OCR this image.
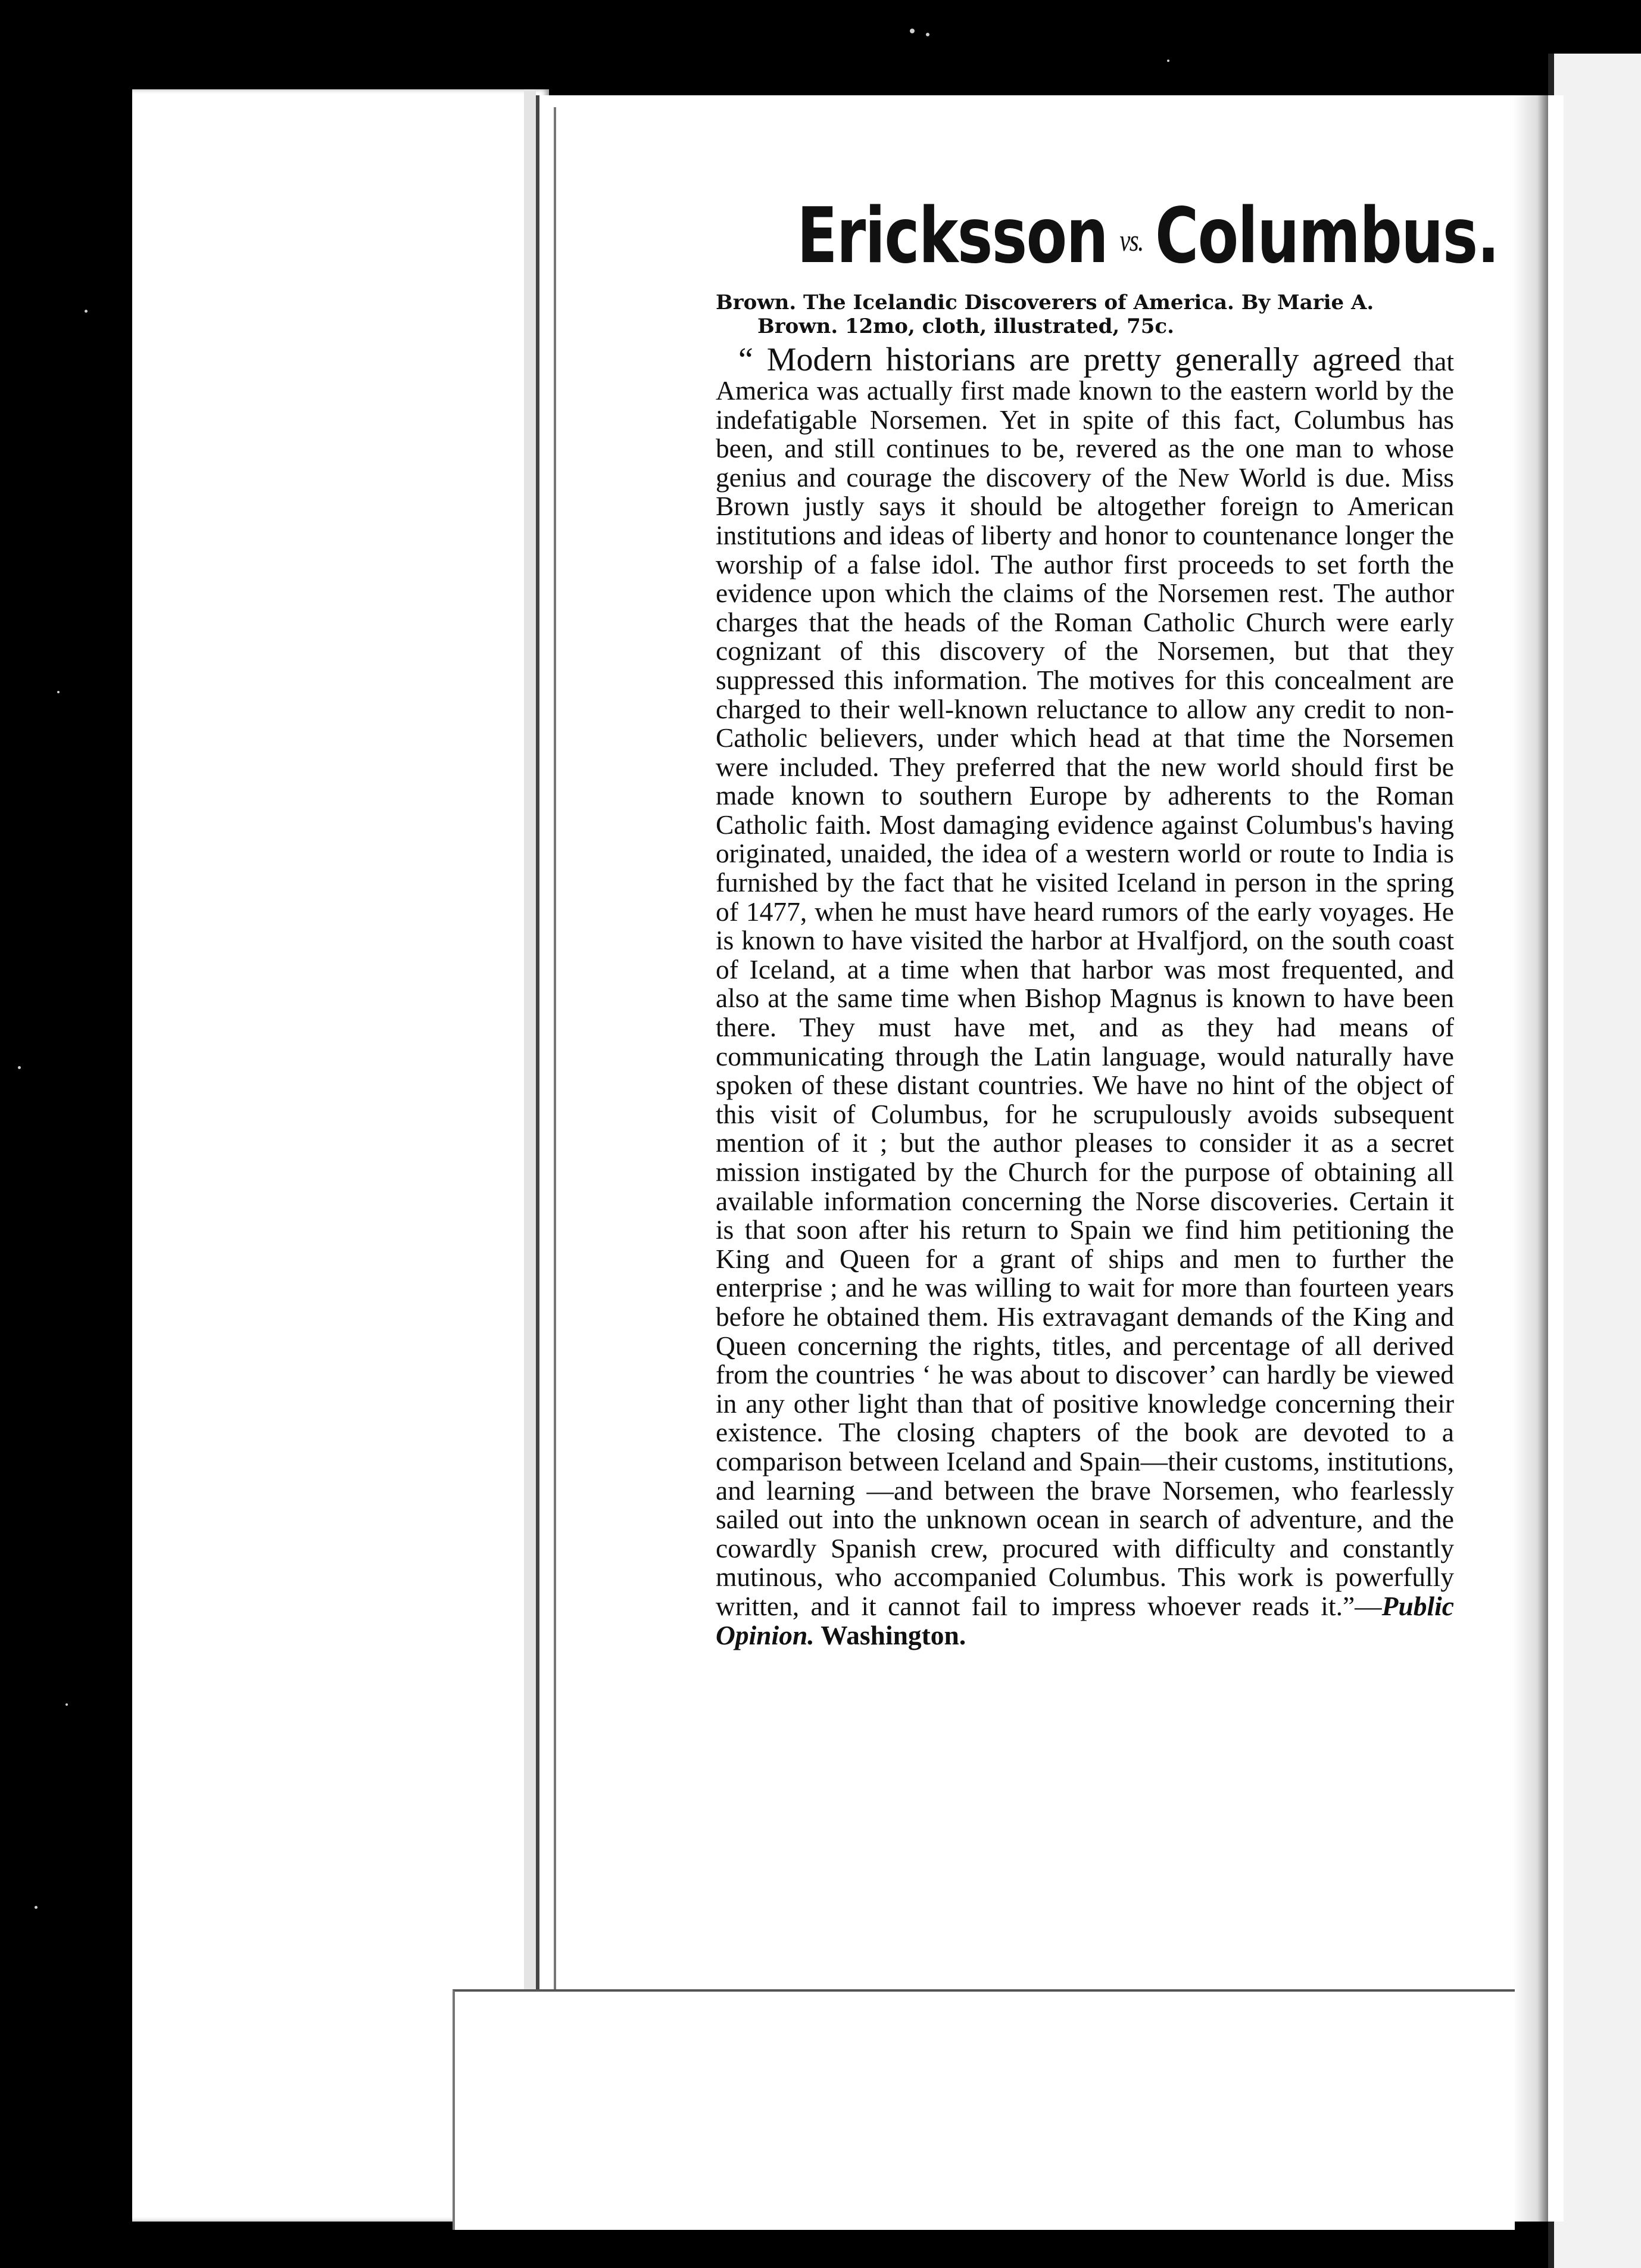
Ericksson vs. Columbus.

Brown. The Icelandic Discoverers of America. By Marie A. Brown. 12mo, cloth, illustrated, 75c.

“ Modern historians are pretty generally agreed that America was actually first made known to the eastern world by the indefatigable Norsemen. Yet in spite of this fact, Columbus has been, and still continues to be, revered as the one man to whose genius and courage the discovery of the New World is due. Miss Brown justly says it should be altogether foreign to American institutions and ideas of liberty and honor to countenance longer the worship of a false idol. The author first proceeds to set forth the evidence upon which the claims of the Norsemen rest. The author charges that the heads of the Roman Catholic Church were early cognizant of this discovery of the Norsemen, but that they suppressed this information. The motives for this concealment are charged to their well-known reluctance to allow any credit to non-Catholic believers, under which head at that time the Norsemen were included. They preferred that the new world should first be made known to southern Europe by adherents to the Roman Catholic faith. Most damaging evidence against Columbus's having originated, unaided, the idea of a western world or route to India is furnished by the fact that he visited Iceland in person in the spring of 1477, when he must have heard rumors of the early voyages. He is known to have visited the harbor at Hvalfjord, on the south coast of Iceland, at a time when that harbor was most frequented, and also at the same time when Bishop Magnus is known to have been there. They must have met, and as they had means of communicating through the Latin language, would naturally have spoken of these distant countries. We have no hint of the object of this visit of Columbus, for he scrupulously avoids subsequent mention of it ; but the author pleases to consider it as a secret mission instigated by the Church for the purpose of obtaining all available information concerning the Norse discoveries. Certain it is that soon after his return to Spain we find him petitioning the King and Queen for a grant of ships and men to further the enterprise ; and he was willing to wait for more than fourteen years before he obtained them. His extravagant demands of the King and Queen concerning the rights, titles, and percentage of all derived from the countries ‘ he was about to discover’ can hardly be viewed in any other light than that of positive knowledge concerning their existence. The closing chapters of the book are devoted to a comparison between Iceland and Spain—their customs, institutions, and learning —and between the brave Norsemen, who fearlessly sailed out into the unknown ocean in search of adventure, and the cowardly Spanish crew, procured with difficulty and constantly mutinous, who accompanied Columbus. This work is powerfully written, and it cannot fail to impress whoever reads it.”—Public Opinion. Washington.
